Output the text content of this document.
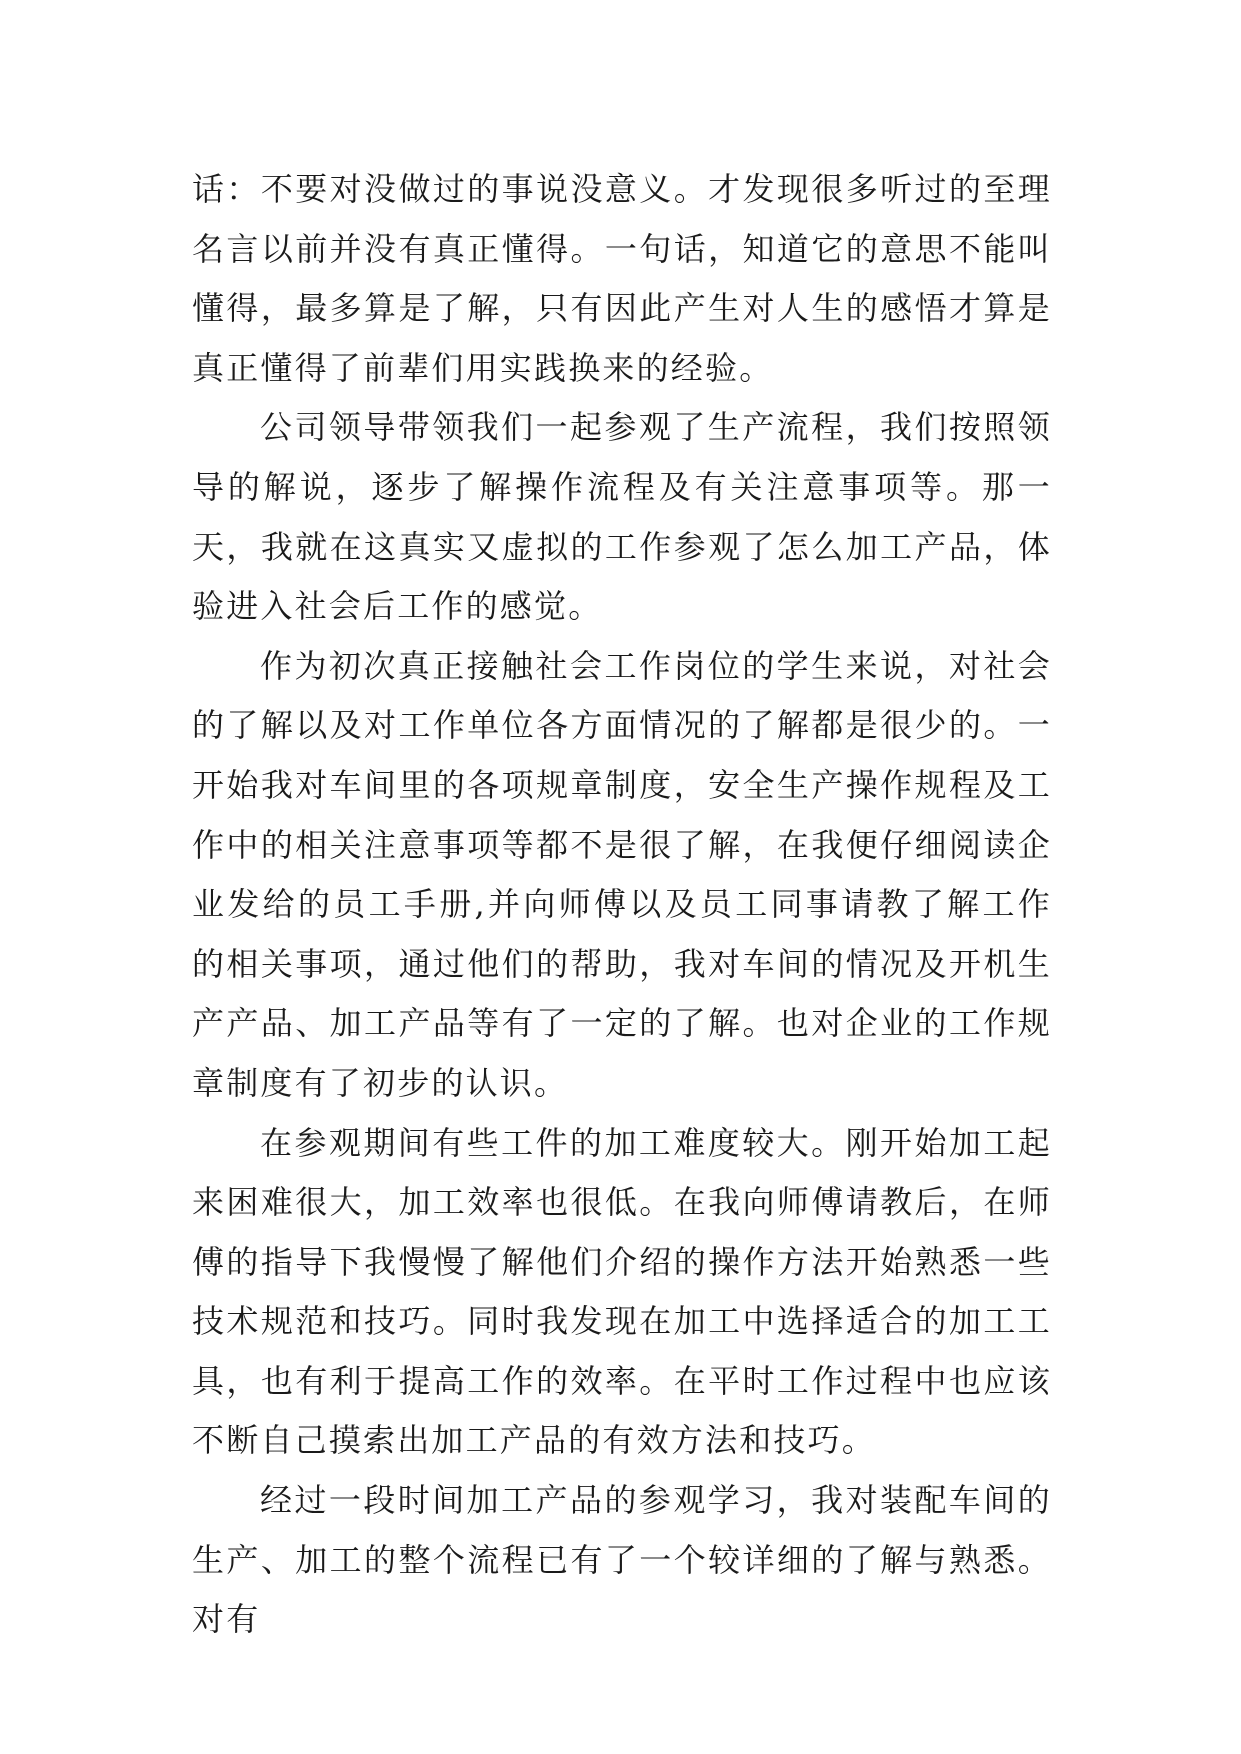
话：不要对没做过的事说没意义。才发现很多听过的至理名言以前并没有真正懂得。一句话，知道它的意思不能叫懂得，最多算是了解，只有因此产生对人生的感悟才算是真正懂得了前辈们用实践换来的经验。

公司领导带领我们一起参观了生产流程，我们按照领导的解说，逐步了解操作流程及有关注意事项等。那一天，我就在这真实又虚拟的工作参观了怎么加工产品，体验进入社会后工作的感觉。

作为初次真正接触社会工作岗位的学生来说，对社会的了解以及对工作单位各方面情况的了解都是很少的。一开始我对车间里的各项规章制度，安全生产操作规程及工作中的相关注意事项等都不是很了解，在我便仔细阅读企业发给的员工手册,并向师傅以及员工同事请教了解工作的相关事项，通过他们的帮助，我对车间的情况及开机生产产品、加工产品等有了一定的了解。也对企业的工作规章制度有了初步的认识。

在参观期间有些工件的加工难度较大。刚开始加工起来困难很大，加工效率也很低。在我向师傅请教后，在师傅的指导下我慢慢了解他们介绍的操作方法开始熟悉一些技术规范和技巧。同时我发现在加工中选择适合的加工工具，也有利于提高工作的效率。在平时工作过程中也应该不断自己摸索出加工产品的有效方法和技巧。

经过一段时间加工产品的参观学习，我对装配车间的生产、加工的整个流程已有了一个较详细的了解与熟悉。对有
